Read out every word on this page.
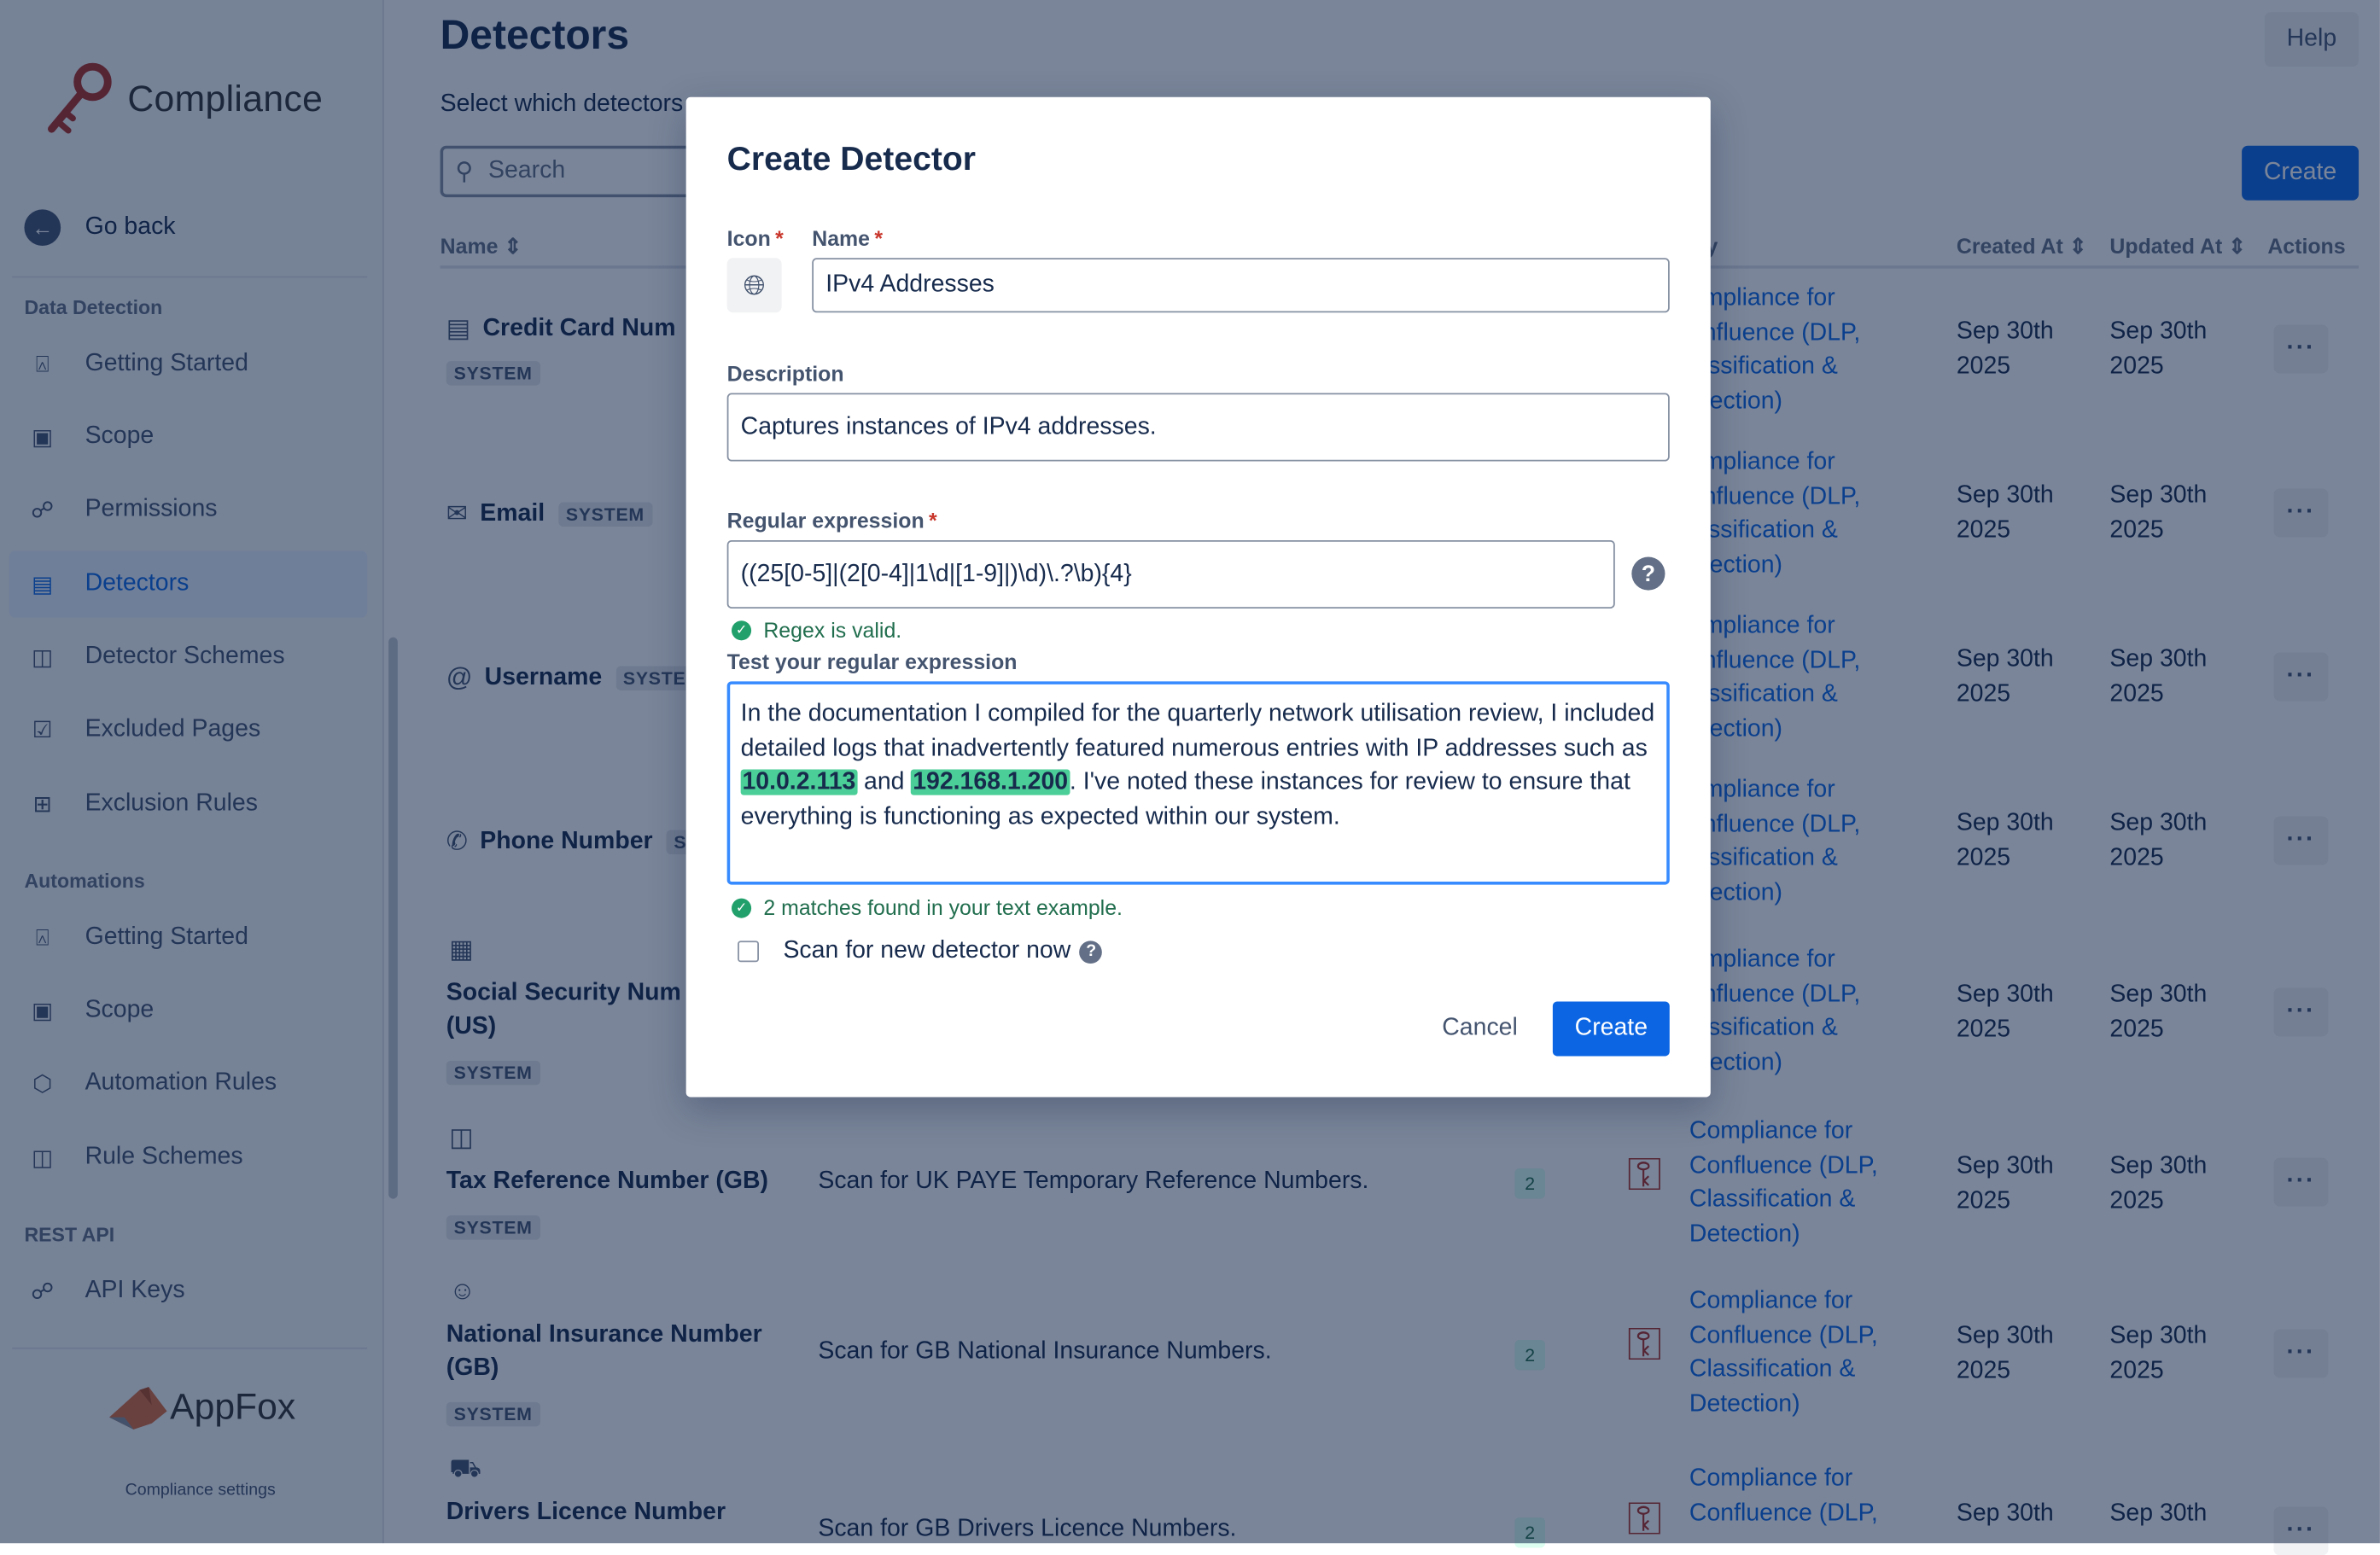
Create Detector
Icon * Name *
🌐︎	IPv4 Addresses
Description
Captures instances of IPv4 addresses.
Regular expression *
((25[0-5]|(2[0-4]|1\d|[1-9]|)\d)\.?\b){4}	?
✓	Regex is valid.
Test your regular expression
In the documentation I compiled for the quarterly network utilisation review, I included detailed logs that inadvertently featured numerous entries with IP addresses such as 10.0.2.113 and 192.168.1.200 . I've noted these instances for review to ensure that everything is functioning as expected within our system.
✓	2 matches found in your text example.
Scan for new detector now	?
Cancel	Create
